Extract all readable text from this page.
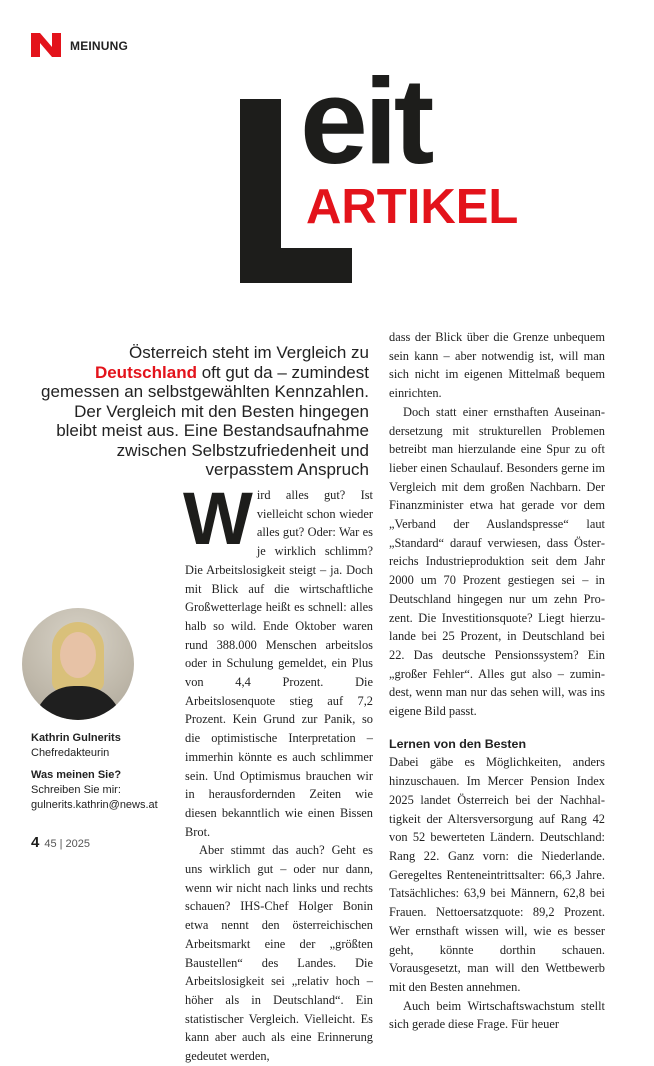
MEINUNG
eit
ARTIKEL
Österreich steht im Vergleich zu
Deutschland oft gut da – zumindest gemessen an selbstgewählten Kennzahlen. Der Vergleich mit den Besten hingegen bleibt meist aus. Eine Bestandsaufnahme zwischen Selbstzufriedenheit und verpasstem Anspruch

Wird alles gut? Ist vielleicht schon wieder alles gut? Oder: War es je wirklich schlimm? Die Arbeitslosigkeit steigt – ja. Doch mit Blick auf die wirtschaftliche Großwetterlage heißt es schnell: alles halb so wild. Ende Oktober waren rund 388.000 Menschen arbeitslos oder in Schulung gemeldet, ein Plus von 4,4 Prozent. Die Arbeitslosenquote stieg auf 7,2 Prozent. Kein Grund zur Panik, so die optimistische Interpretation – immerhin könnte es auch schlimmer sein. Und Optimismus brauchen wir in herausfordernden Zeiten wie diesen bekanntlich wie einen Bissen Brot.

Aber stimmt das auch? Geht es uns wirklich gut – oder nur dann, wenn wir nicht nach links und rechts schauen? IHS-Chef Holger Bonin etwa nennt den österreichischen Arbeitsmarkt eine der „größten Baustellen“ des Landes. Die Arbeitslosigkeit sei „relativ hoch – höher als in Deutschland“. Ein statistischer Vergleich. Vielleicht. Es kann aber auch als eine Erinnerung gedeutet werden,

dass der Blick über die Grenze unbequem sein kann – aber notwendig ist, will man sich nicht im eigenen Mittelmaß bequem einrichten.

Doch statt einer ernsthaften Auseinandersetzung mit strukturellen Problemen betreibt man hierzulande eine Spur zu oft lieber einen Schaulauf. Besonders gerne im Vergleich mit dem großen Nachbarn. Der Finanzminister etwa hat gerade vor dem „Verband der Auslandspresse“ laut „Standard“ darauf verwiesen, dass Österreichs Industrieproduktion seit dem Jahr 2000 um 70 Prozent gestiegen sei – in Deutschland hingegen nur um zehn Prozent. Die Investitionsquote? Liegt hierzulande bei 25 Prozent, in Deutschland bei 22. Das deutsche Pensionssystem? Ein „großer Fehler“. Alles gut also – zumindest, wenn man nur das sehen will, was ins eigene Bild passt.

Lernen von den Besten

Dabei gäbe es Möglichkeiten, anders hinzuschauen. Im Mercer Pension Index 2025 landet Österreich bei der Nachhaltigkeit der Altersversorgung auf Rang 42 von 52 bewerteten Ländern. Deutschland: Rang 22. Ganz vorn: die Niederlande. Geregeltes Renteneintrittsalter: 66,3 Jahre. Tatsächliches: 63,9 bei Männern, 62,8 bei Frauen. Nettoersatzquote: 89,2 Prozent. Wer ernsthaft wissen will, wie es besser geht, könnte dorthin schauen. Vorausgesetzt, man will den Wettbewerb mit den Besten annehmen.

Auch beim Wirtschaftswachstum stellt sich gerade diese Frage. Für heuer

Kathrin Gulnerits
Chefredakteurin
Was meinen Sie?
Schreiben Sie mir:
gulnerits.kathrin@news.at
4 45 | 2025
